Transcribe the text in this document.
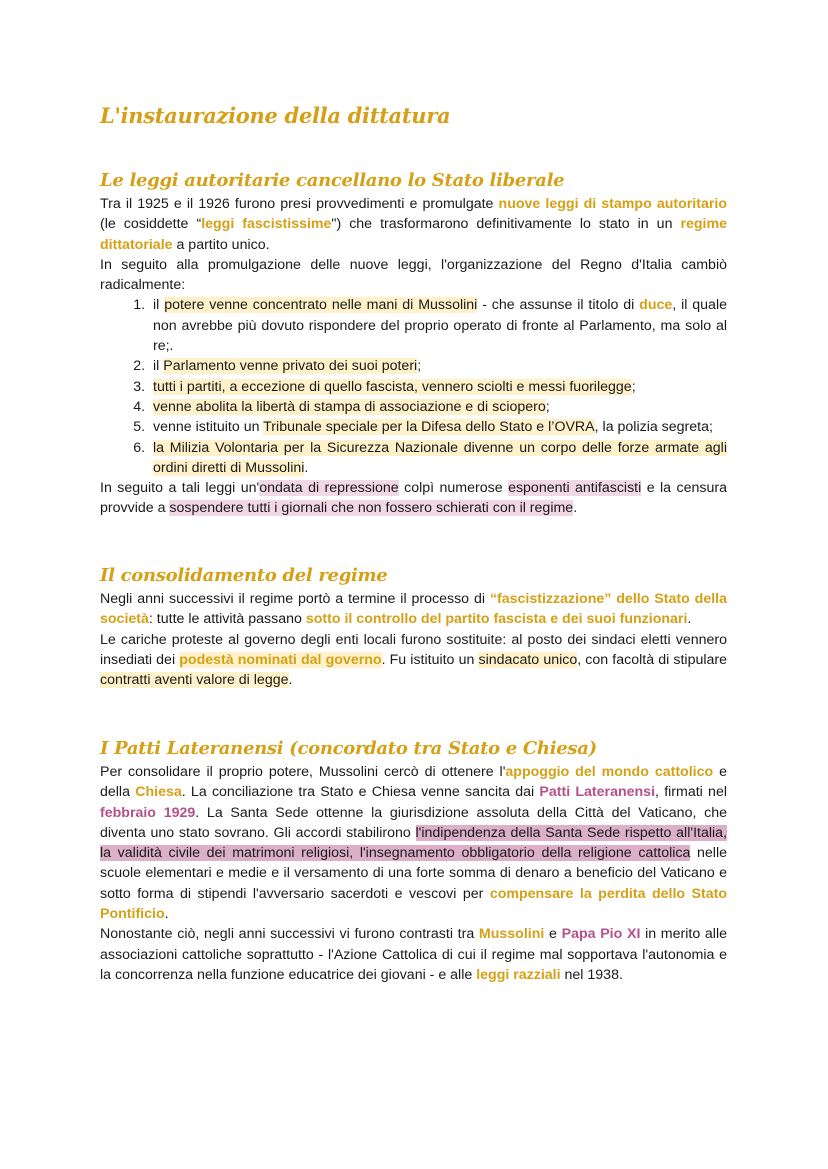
L'instaurazione della dittatura
Le leggi autoritarie cancellano lo Stato liberale

Tra il 1925 e il 1926 furono presi provvedimenti e promulgate nuove leggi di stampo autoritario (le cosiddette “leggi fascistissime") che trasformarono definitivamente lo stato in un regime dittatoriale a partito unico.

In seguito alla promulgazione delle nuove leggi, l'organizzazione del Regno d'Italia cambiò radicalmente:

1. il potere venne concentrato nelle mani di Mussolini - che assunse il titolo di duce, il quale non avrebbe più dovuto rispondere del proprio operato di fronte al Parlamento, ma solo al re;.
2. il Parlamento venne privato dei suoi poteri;
3. tutti i partiti, a eccezione di quello fascista, vennero sciolti e messi fuorilegge;
4. venne abolita la libertà di stampa di associazione e di sciopero;
5. venne istituito un Tribunale speciale per la Difesa dello Stato e l’OVRA, la polizia segreta;
6. la Milizia Volontaria per la Sicurezza Nazionale divenne un corpo delle forze armate agli ordini diretti di Mussolini.

In seguito a tali leggi un'ondata di repressione colpì numerose esponenti antifascisti e la censura provvide a sospendere tutti i giornali che non fossero schierati con il regime.

Il consolidamento del regime

Negli anni successivi il regime portò a termine il processo di “fascistizzazione” dello Stato della società: tutte le attività passano sotto il controllo del partito fascista e dei suoi funzionari.

Le cariche proteste al governo degli enti locali furono sostituite: al posto dei sindaci eletti vennero insediati dei podestà nominati dal governo. Fu istituito un sindacato unico, con facoltà di stipulare contratti aventi valore di legge.

I Patti Lateranensi (concordato tra Stato e Chiesa)

Per consolidare il proprio potere, Mussolini cercò di ottenere l'appoggio del mondo cattolico e della Chiesa. La conciliazione tra Stato e Chiesa venne sancita dai Patti Lateranensi, firmati nel febbraio 1929. La Santa Sede ottenne la giurisdizione assoluta della Città del Vaticano, che diventa uno stato sovrano. Gli accordi stabilirono l'indipendenza della Santa Sede rispetto all'Italia, la validità civile dei matrimoni religiosi, l'insegnamento obbligatorio della religione cattolica nelle scuole elementari e medie e il versamento di una forte somma di denaro a beneficio del Vaticano e sotto forma di stipendi l'avversario sacerdoti e vescovi per compensare la perdita dello Stato Pontificio.

Nonostante ciò, negli anni successivi vi furono contrasti tra Mussolini e Papa Pio XI in merito alle associazioni cattoliche soprattutto - l'Azione Cattolica di cui il regime mal sopportava l'autonomia e la concorrenza nella funzione educatrice dei giovani - e alle leggi razziali nel 1938.
